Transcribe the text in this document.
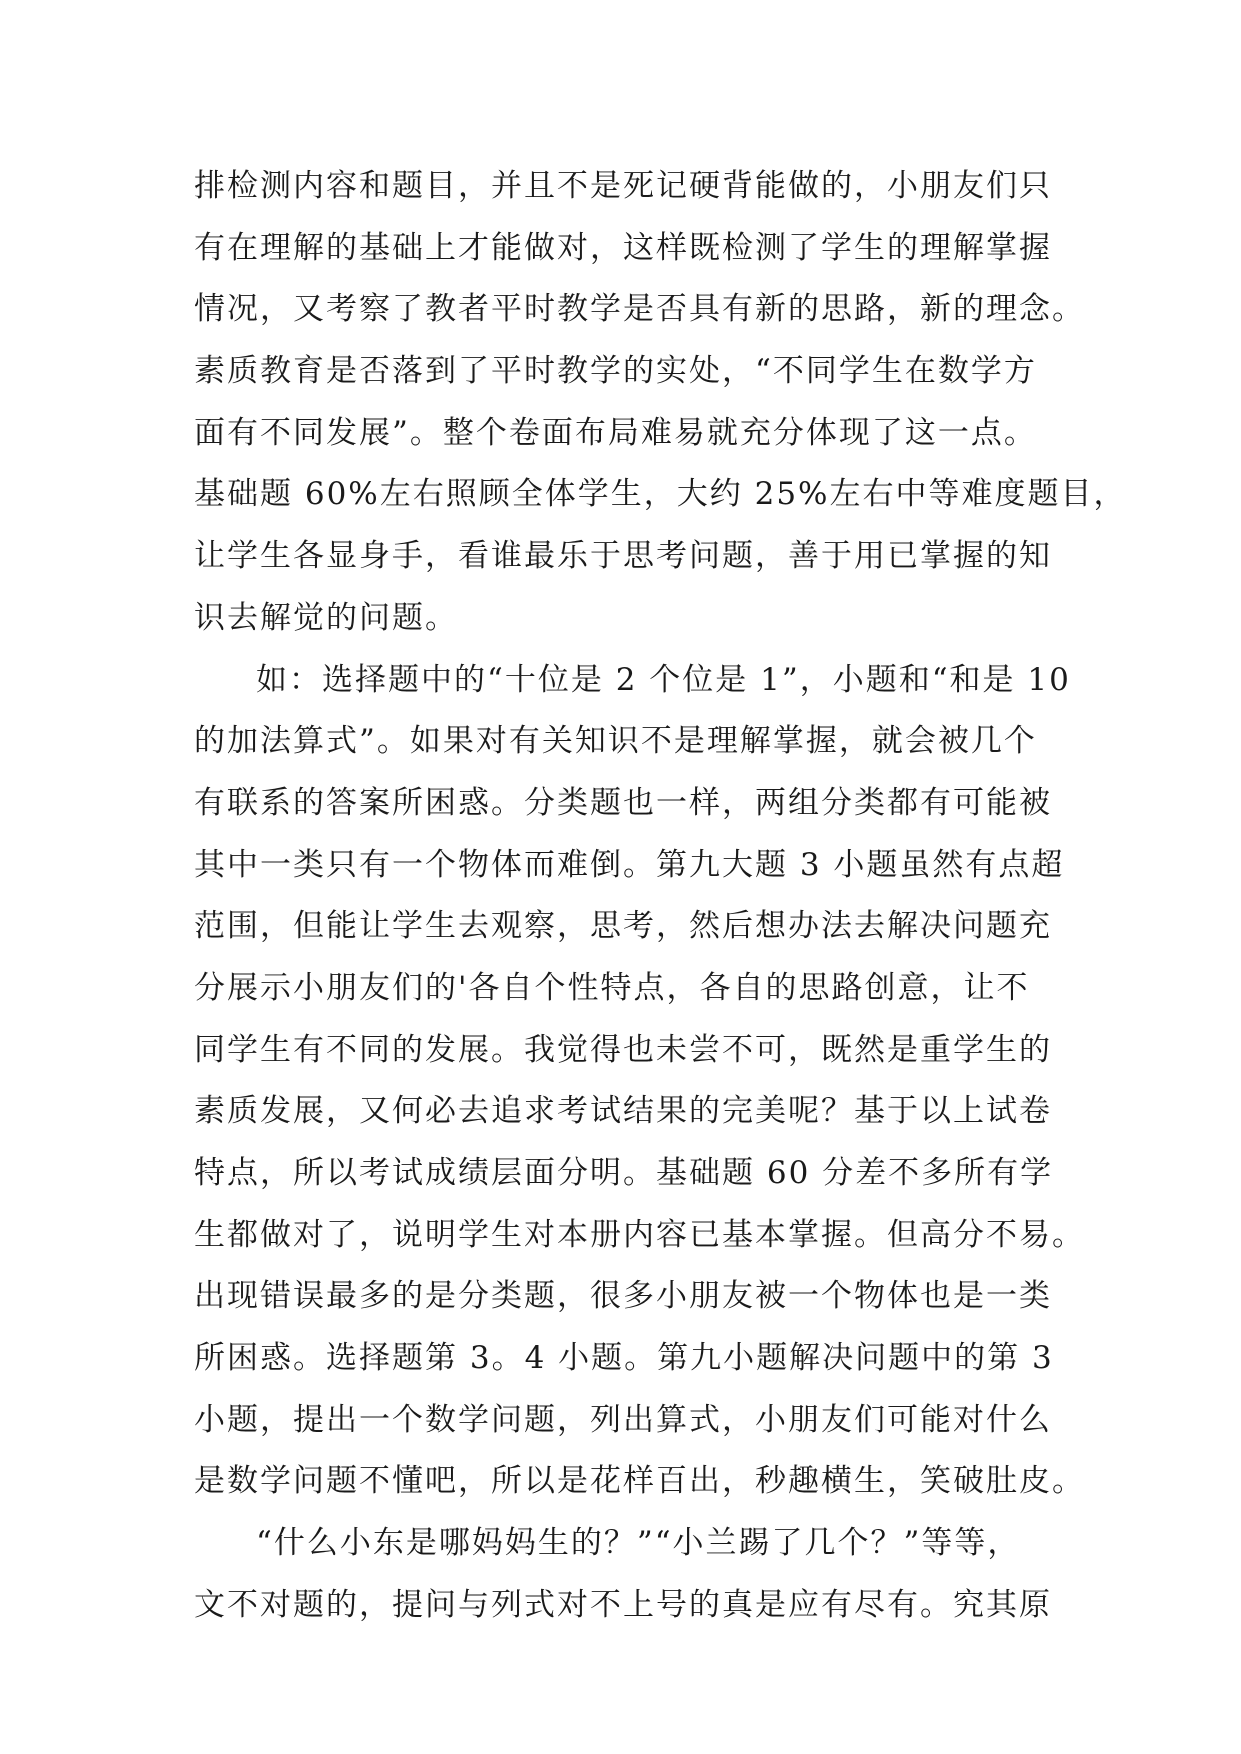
排检测内容和题目，并且不是死记硬背能做的，小朋友们只
有在理解的基础上才能做对，这样既检测了学生的理解掌握
情况，又考察了教者平时教学是否具有新的思路，新的理念。
素质教育是否落到了平时教学的实处，“不同学生在数学方
面有不同发展”。整个卷面布局难易就充分体现了这一点。
基础题 60%左右照顾全体学生，大约 25%左右中等难度题目，
让学生各显身手，看谁最乐于思考问题，善于用已掌握的知
识去解觉的问题。
如：选择题中的“十位是 2 个位是 1”，小题和“和是 10
的加法算式”。如果对有关知识不是理解掌握，就会被几个
有联系的答案所困惑。分类题也一样，两组分类都有可能被
其中一类只有一个物体而难倒。第九大题 3 小题虽然有点超
范围，但能让学生去观察，思考，然后想办法去解决问题充
分展示小朋友们的'各自个性特点，各自的思路创意，让不
同学生有不同的发展。我觉得也未尝不可，既然是重学生的
素质发展，又何必去追求考试结果的完美呢？基于以上试卷
特点，所以考试成绩层面分明。基础题 60 分差不多所有学
生都做对了，说明学生对本册内容已基本掌握。但高分不易。
出现错误最多的是分类题，很多小朋友被一个物体也是一类
所困惑。选择题第 3。4 小题。第九小题解决问题中的第 3
小题，提出一个数学问题，列出算式，小朋友们可能对什么
是数学问题不懂吧，所以是花样百出，秒趣横生，笑破肚皮。
“什么小东是哪妈妈生的？”“小兰踢了几个？”等等，
文不对题的，提问与列式对不上号的真是应有尽有。究其原
